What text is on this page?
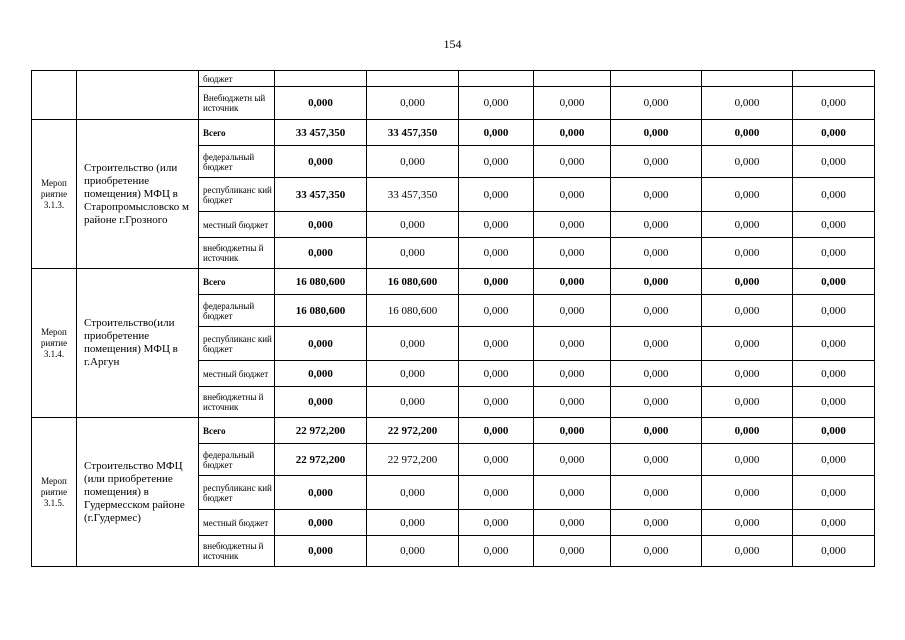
154
		бюджет							
		Внебюджетн ый источник	0,000	0,000	0,000	0,000	0,000	0,000	0,000
Мероп риятие 3.1.3.	Строительство (или приобретение помещения) МФЦ в Старопромысловско м районе г.Грозного	Всего	33 457,350	33 457,350	0,000	0,000	0,000	0,000	0,000
		федеральный бюджет	0,000	0,000	0,000	0,000	0,000	0,000	0,000
		республиканс кий бюджет	33 457,350	33 457,350	0,000	0,000	0,000	0,000	0,000
		местный бюджет	0,000	0,000	0,000	0,000	0,000	0,000	0,000
		внебюджетны й источник	0,000	0,000	0,000	0,000	0,000	0,000	0,000
Мероп риятие 3.1.4.	Строительство(или приобретение помещения) МФЦ в г.Аргун	Всего	16 080,600	16 080,600	0,000	0,000	0,000	0,000	0,000
		федеральный бюджет	16 080,600	16 080,600	0,000	0,000	0,000	0,000	0,000
		республиканс кий бюджет	0,000	0,000	0,000	0,000	0,000	0,000	0,000
		местный бюджет	0,000	0,000	0,000	0,000	0,000	0,000	0,000
		внебюджетны й источник	0,000	0,000	0,000	0,000	0,000	0,000	0,000
Мероп риятие 3.1.5.	Строительство МФЦ (или приобретение помещения) в Гудермесском районе (г.Гудермес)	Всего	22 972,200	22 972,200	0,000	0,000	0,000	0,000	0,000
		федеральный бюджет	22 972,200	22 972,200	0,000	0,000	0,000	0,000	0,000
		республиканс кий бюджет	0,000	0,000	0,000	0,000	0,000	0,000	0,000
		местный бюджет	0,000	0,000	0,000	0,000	0,000	0,000	0,000
		внебюджетны й источник	0,000	0,000	0,000	0,000	0,000	0,000	0,000
